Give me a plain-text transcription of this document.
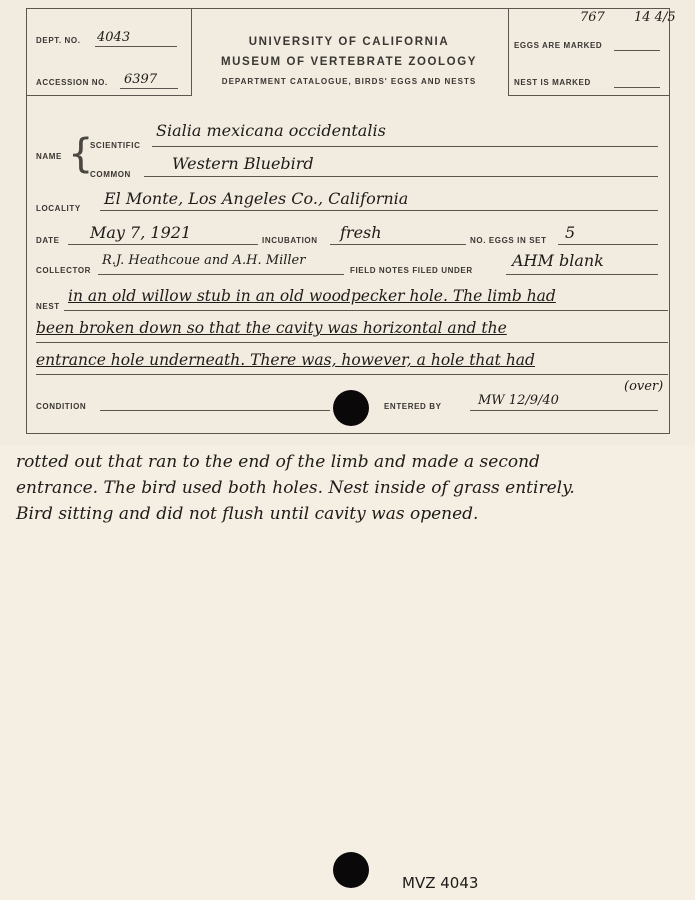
DEPT. NO. 4043
ACCESSION NO. 6397
UNIVERSITY OF CALIFORNIA
MUSEUM OF VERTEBRATE ZOOLOGY
DEPARTMENT CATALOGUE, BIRDS' EGGS AND NESTS
767 14 4/5
EGGS ARE MARKED
NEST IS MARKED
NAME {
SCIENTIFIC
Sialia mexicana occidentalis
COMMON
Western Bluebird
LOCALITY
El Monte, Los Angeles Co., California
DATE May 7, 1921	INCUBATION fresh	NO. EGGS IN SET 5
COLLECTOR
R.J. Heathcoue and A.H. Miller
FIELD NOTES FILED UNDER
AHM blank
NEST
in an old willow stub in an old woodpecker hole. The limb had
been broken down so that the cavity was horizontal and the
entrance hole underneath. There was, however, a hole that had
(over)
CONDITION	ENTERED BY	MW 12/9/40
rotted out that ran to the end of the limb and made a second
entrance. The bird used both holes. Nest inside of grass entirely.
Bird sitting and did not flush until cavity was opened.
MVZ 4043
